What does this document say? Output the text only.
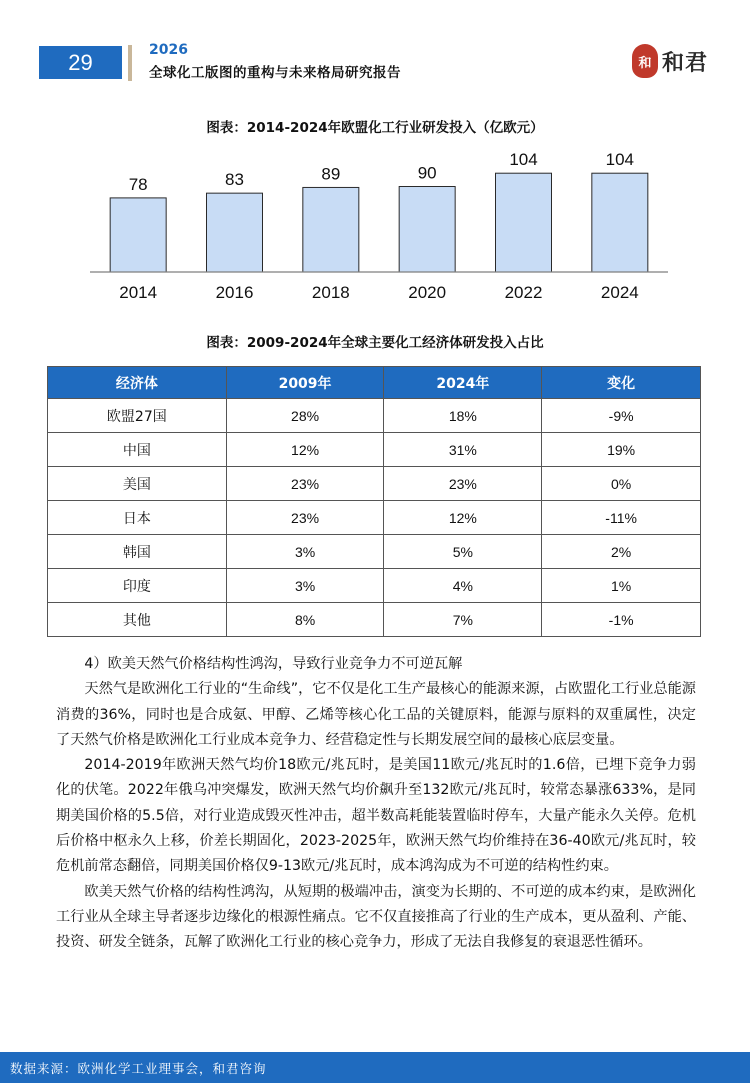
29	2026
全球化工版图的重构与未来格局研究报告
和 和君
图表：2014-2024年欧盟化工行业研发投入（亿欧元）
78
2014
83
2016
89
2018
90
2020
104
2022
104
2024
图表：2009-2024年全球主要化工经济体研发投入占比
经济体	2009年	2024年	变化
欧盟27国	28%	18%	-9%
中国	12%	31%	19%
美国	23%	23%	0%
日本	23%	12%	-11%
韩国	3%	5%	2%
印度	3%	4%	1%
其他	8%	7%	-1%

4）欧美天然气价格结构性鸿沟，导致行业竞争力不可逆瓦解

天然气是欧洲化工行业的“生命线”，它不仅是化工生产最核心的能源来源，占欧盟化工行业总能源消费的36%，同时也是合成氨、甲醇、乙烯等核心化工品的关键原料，能源与原料的双重属性，决定了天然气价格是欧洲化工行业成本竞争力、经营稳定性与长期发展空间的最核心底层变量。

2014-2019年欧洲天然气均价18欧元/兆瓦时，是美国11欧元/兆瓦时的1.6倍，已埋下竞争力弱化的伏笔。2022年俄乌冲突爆发，欧洲天然气均价飙升至132欧元/兆瓦时，较常态暴涨633%，是同期美国价格的5.5倍，对行业造成毁灭性冲击，超半数高耗能装置临时停车，大量产能永久关停。危机后价格中枢永久上移，价差长期固化，2023-2025年，欧洲天然气均价维持在36-40欧元/兆瓦时，较危机前常态翻倍，同期美国价格仅9-13欧元/兆瓦时，成本鸿沟成为不可逆的结构性约束。

欧美天然气价格的结构性鸿沟，从短期的极端冲击，演变为长期的、不可逆的成本约束，是欧洲化工行业从全球主导者逐步边缘化的根源性痛点。它不仅直接推高了行业的生产成本，更从盈利、产能、投资、研发全链条，瓦解了欧洲化工行业的核心竞争力，形成了无法自我修复的衰退恶性循环。

数据来源：欧洲化学工业理事会，和君咨询
